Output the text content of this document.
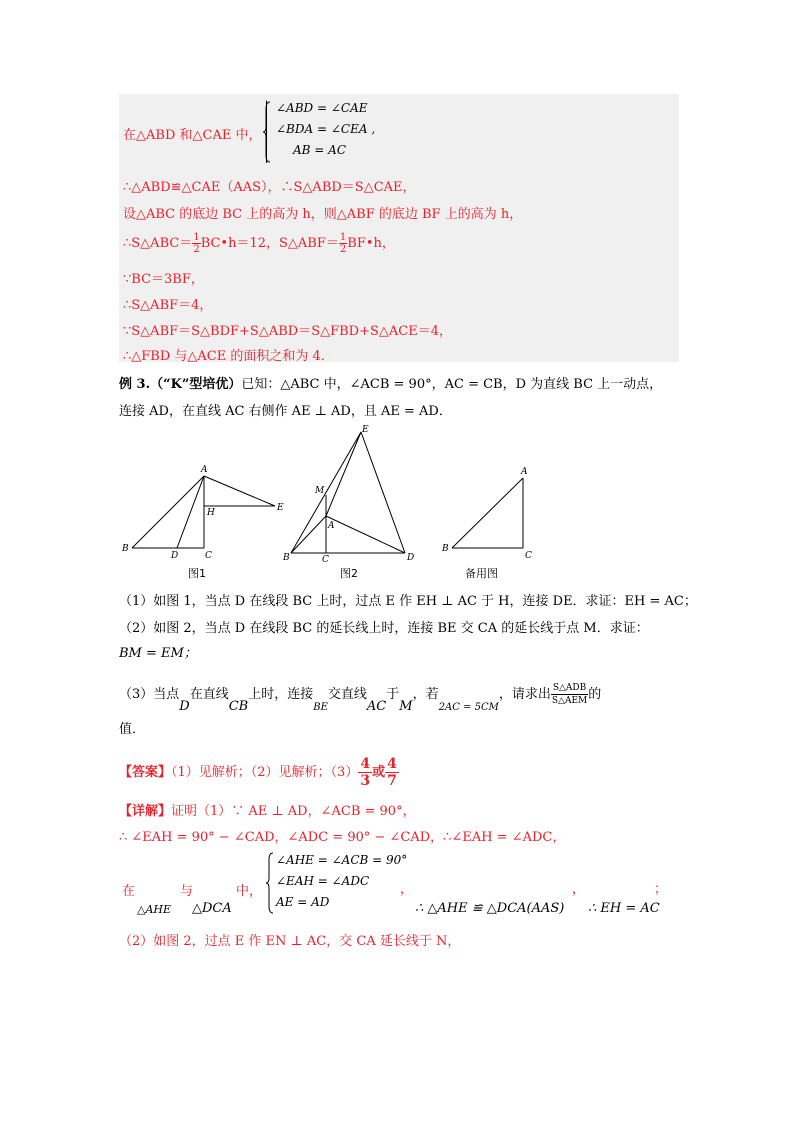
在△ABD 和△CAE 中，
∠ABD = ∠CAE
∠BDA = ∠CEA ,
AB = AC
∴△ABD≌△CAE（AAS），∴S△ABD＝S△CAE，
设△ABC 的底边 BC 上的高为 h，则△ABF 的底边 BF 上的高为 h，
∴S△ABC＝ $\frac{1}{2}$ BC•h＝12，S△ABF＝ $\frac{1}{2}$ BF•h，
∵BC＝3BF，
∴S△ABF＝4，
∵S△ABF＝S△BDF+S△ABD＝S△FBD+S△ACE＝4，
∴△FBD 与△ACE 的面积之和为 4．
例 3.（“K”型培优）已知：△ABC 中，∠ACB = 90°，AC = CB，D 为直线 BC 上一动点，
连接 AD，在直线 AC 右侧作 AE ⊥ AD，且 AE = AD．
A
H	E
B
D	C
E
M
A
B	C	D
A
B
C
图1	图2	备用图
（1）如图 1，当点 D 在线段 BC 上时，过点 E 作 EH ⊥ AC 于 H，连接 DE．求证：EH = AC；
（2）如图 2，当点 D 在线段 BC 的延长线上时，连接 BE 交 CA 的延长线于点 M．求证：
BM = EM；
（3）当点D在直线CB上时，连接$_{BE}$交直线AC于M，若$_{2AC = 5CM}$，请求出 $\frac{\text{S△ADB}}{\text{S△AEM}}$ 的
值．
【答案】（1）见解析；（2）见解析；$(3) \frac{4}{3}$ 或 $\frac{4}{7}$
【详解】证明（1）∵ AE ⊥ AD，∠ACB = 90°，
∴ ∠EAH = 90° − ∠CAD，∠ADC = 90° − ∠CAD，∴∠EAH = ∠ADC，
在	与	中，
∠AHE = ∠ACB = 90°
∠EAH = ∠ADC
AE = AD
△AHE △DCA
，
∴ △AHE ≌ △DCA(AAS)
，
∴ EH = AC
；
（2）如图 2，过点 E 作 EN ⊥ AC，交 CA 延长线于 N，
